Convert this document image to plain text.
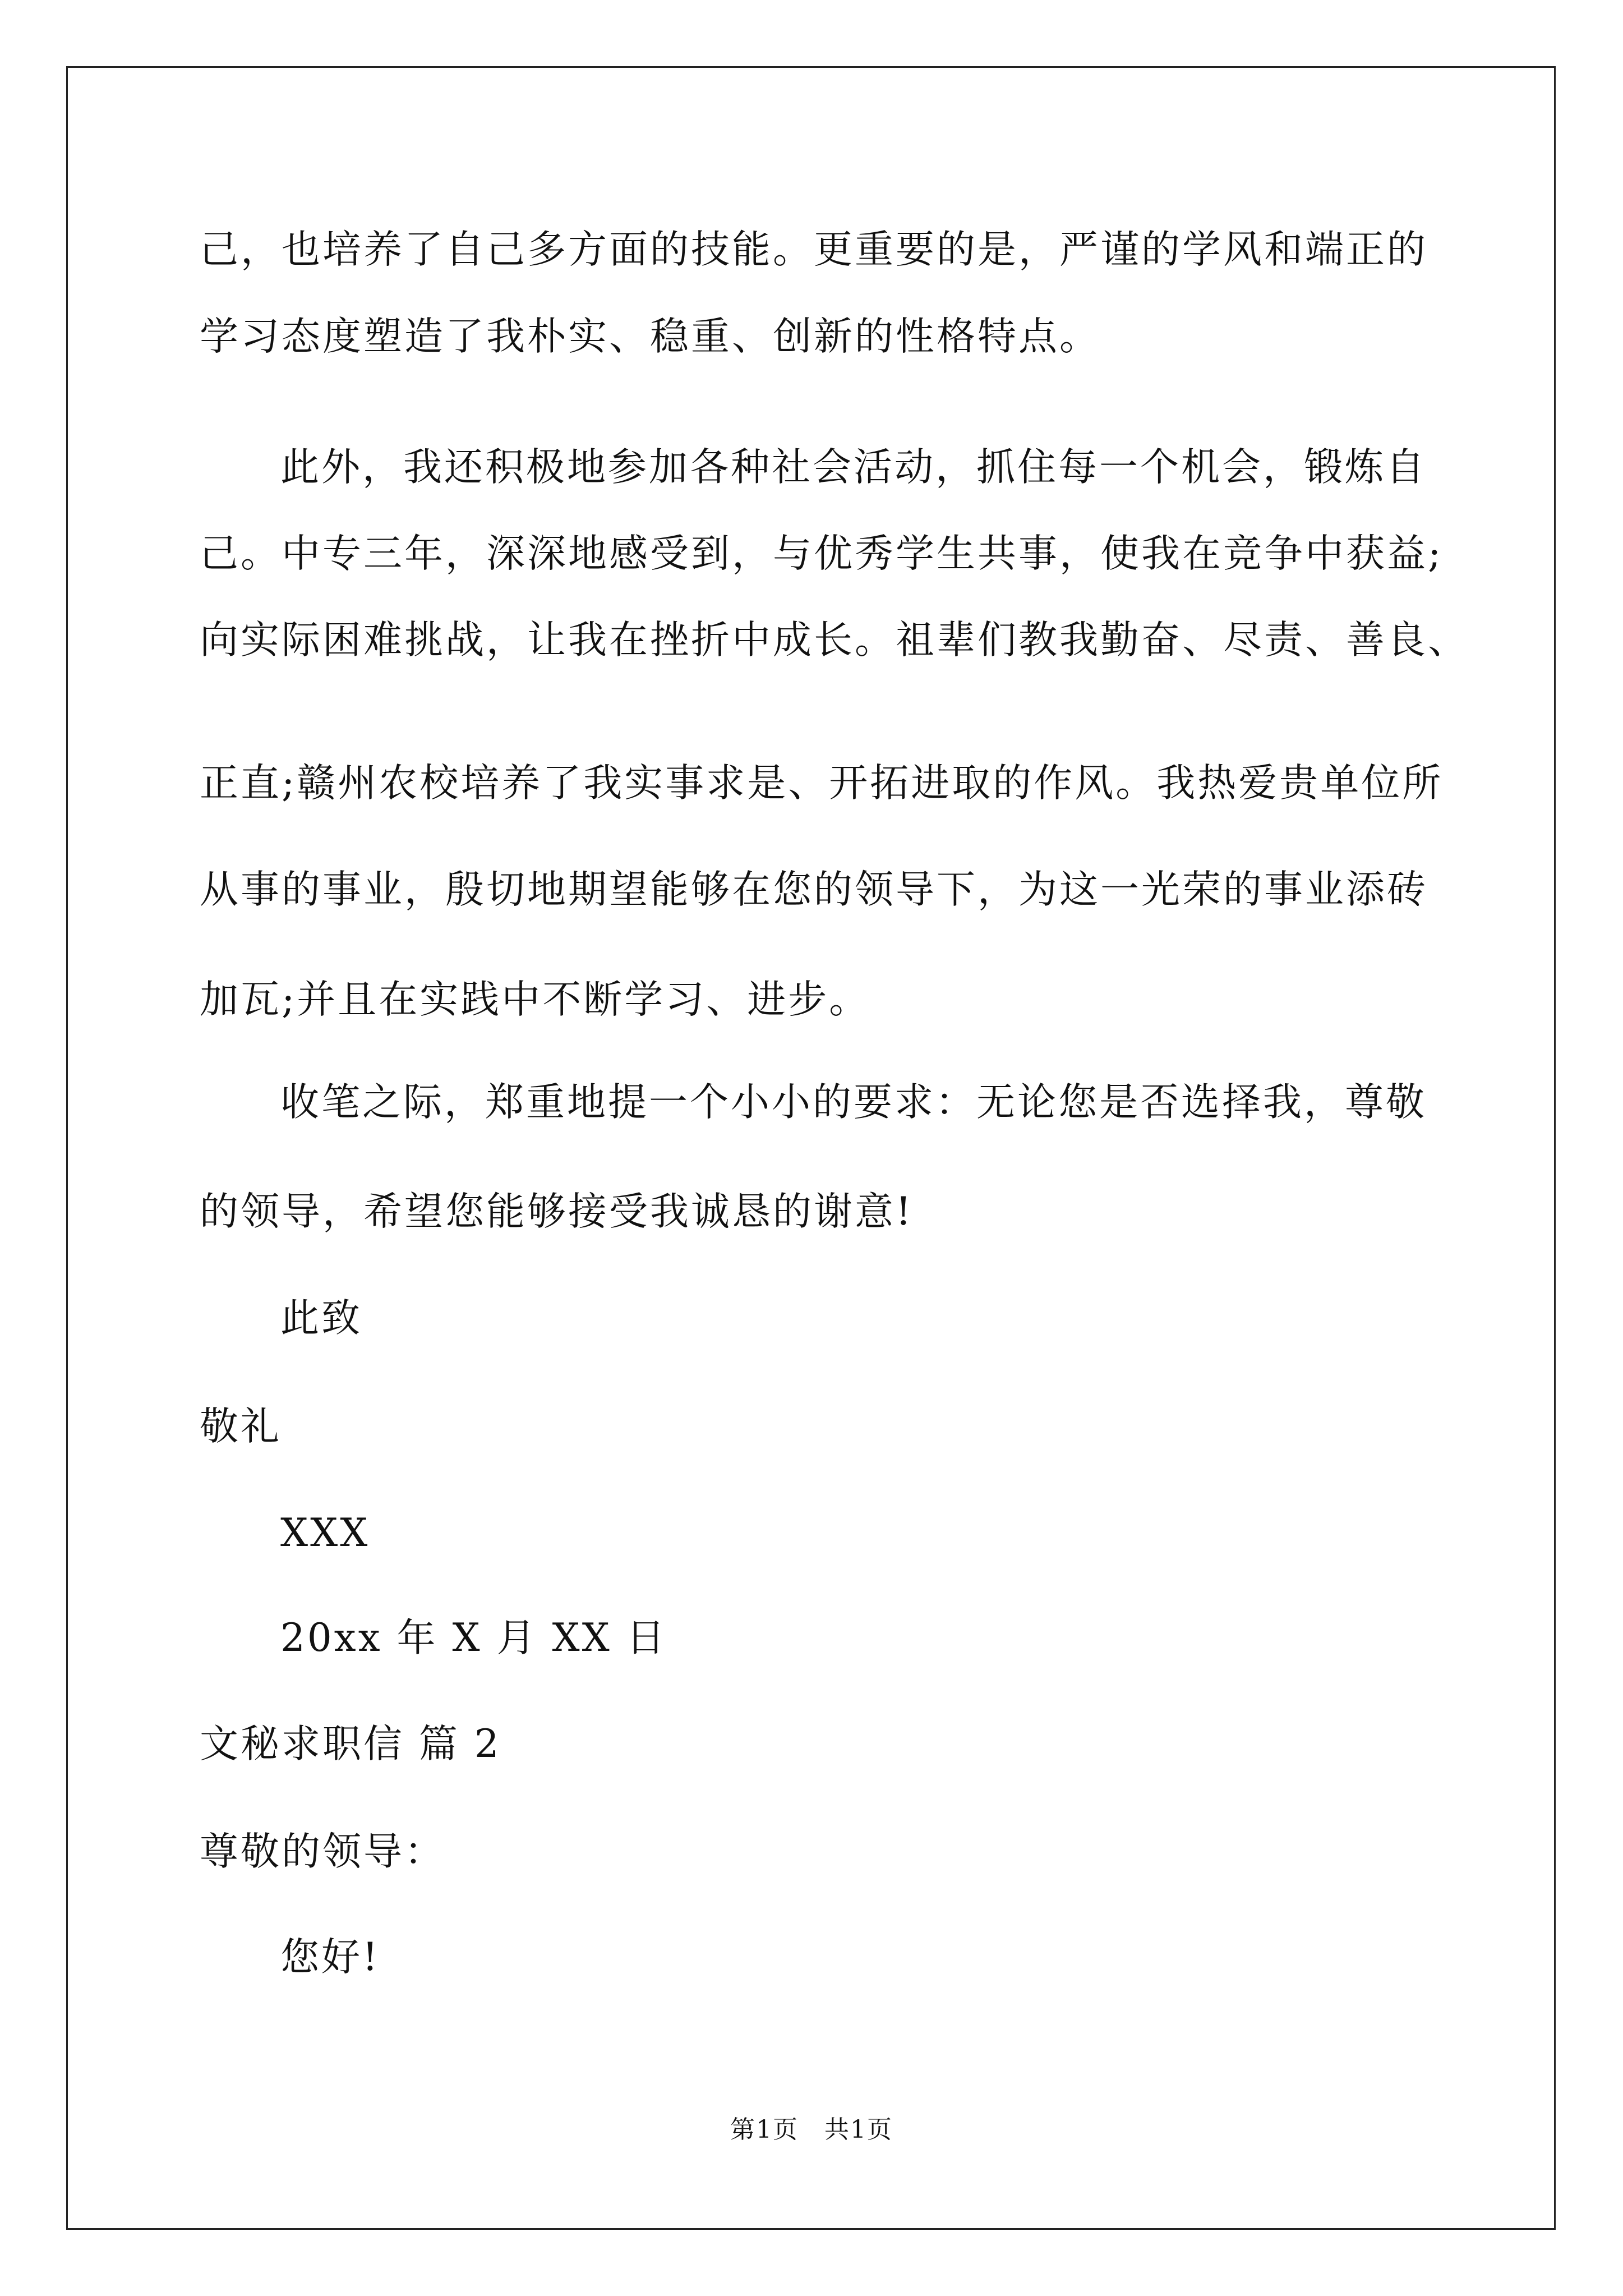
己，也培养了自己多方面的技能。更重要的是，严谨的学风和端正的
学习态度塑造了我朴实、稳重、创新的性格特点。
此外，我还积极地参加各种社会活动，抓住每一个机会，锻炼自
己。中专三年，深深地感受到，与优秀学生共事，使我在竞争中获益;
向实际困难挑战，让我在挫折中成长。祖辈们教我勤奋、尽责、善良、
正直;赣州农校培养了我实事求是、开拓进取的作风。我热爱贵单位所
从事的事业，殷切地期望能够在您的领导下，为这一光荣的事业添砖
加瓦;并且在实践中不断学习、进步。
收笔之际，郑重地提一个小小的要求：无论您是否选择我，尊敬
的领导，希望您能够接受我诚恳的谢意!
此致
敬礼
XXX
20xx 年 X 月 XX 日
文秘求职信 篇 2
尊敬的领导：
您好!
第1页　共1页
